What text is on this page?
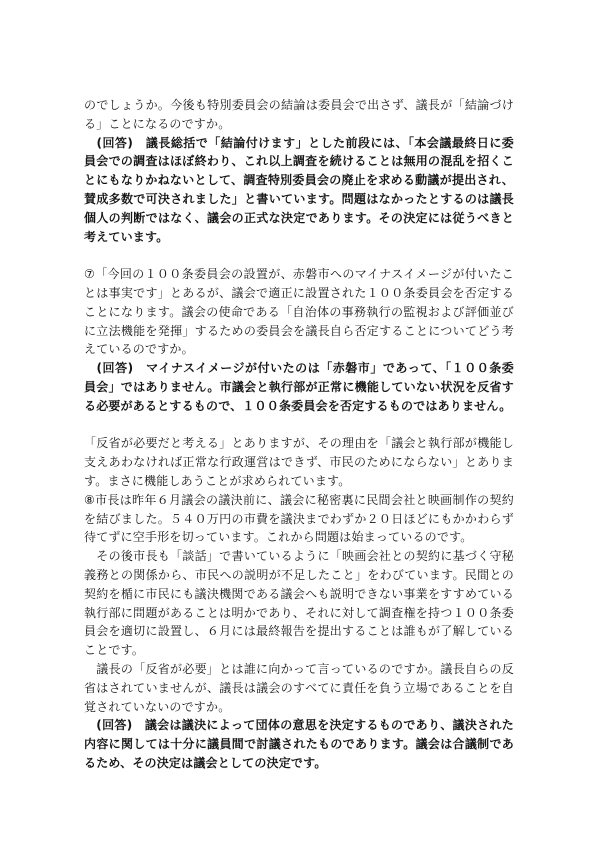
のでしょうか。今後も特別委員会の結論は委員会で出さず、議長が「結論づける」ことになるのですか。

　(回答)　議長総括で「結論付けます」とした前段には、「本会議最終日に委員会での調査はほぼ終わり、これ以上調査を続けることは無用の混乱を招くことにもなりかねないとして、調査特別委員会の廃止を求める動議が提出され、賛成多数で可決されました」と書いています。問題はなかったとするのは議長個人の判断ではなく、議会の正式な決定であります。その決定には従うべきと考えています。

⑦「今回の１００条委員会の設置が、赤磐市へのマイナスイメージが付いたことは事実です」とあるが、議会で適正に設置された１００条委員会を否定することになります。議会の使命である「自治体の事務執行の監視および評価並びに立法機能を発揮」するための委員会を議長自ら否定することについてどう考えているのですか。

　(回答)　マイナスイメージが付いたのは「赤磐市」であって、「１００条委員会」ではありません。市議会と執行部が正常に機能していない状況を反省する必要があるとするもので、１００条委員会を否定するものではありません。

「反省が必要だと考える」とありますが、その理由を「議会と執行部が機能し支えあわなければ正常な行政運営はできず、市民のためにならない」とあります。まさに機能しあうことが求められています。

⑧市長は昨年６月議会の議決前に、議会に秘密裏に民間会社と映画制作の契約を結びました。５４０万円の市費を議決までわずか２０日ほどにもかかわらず待てずに空手形を切っています。これから問題は始まっているのです。

　その後市長も「談話」で書いているように「映画会社との契約に基づく守秘義務との関係から、市民への説明が不足したこと」をわびています。民間との契約を楯に市民にも議決機関である議会へも説明できない事業をすすめている執行部に問題があることは明かであり、それに対して調査権を持つ１００条委員会を適切に設置し、６月には最終報告を提出することは誰もが了解していることです。

　議長の「反省が必要」とは誰に向かって言っているのですか。議長自らの反省はされていませんが、議長は議会のすべてに責任を負う立場であることを自覚されていないのですか。

　(回答)　議会は議決によって団体の意思を決定するものであり、議決された内容に関しては十分に議員間で討議されたものであります。議会は合議制であるため、その決定は議会としての決定です。
